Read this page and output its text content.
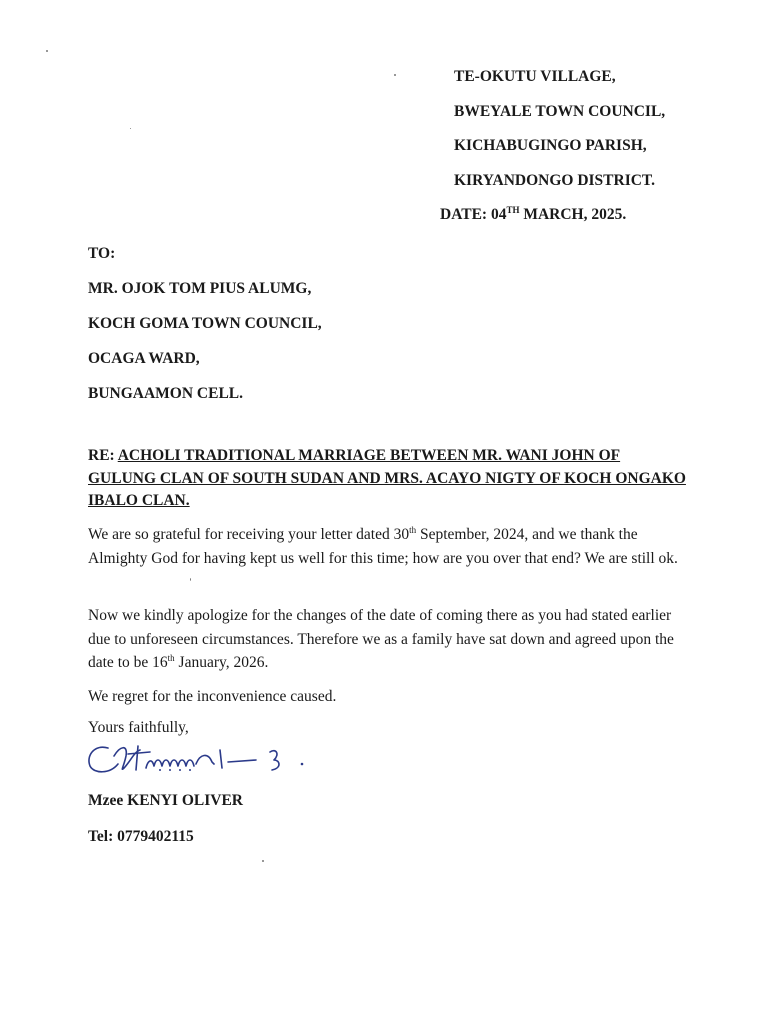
TE-OKUTU VILLAGE,
BWEYALE TOWN COUNCIL,
KICHABUGINGO PARISH,
KIRYANDONGO DISTRICT.
DATE: 04TH MARCH, 2025.
TO:
MR. OJOK TOM PIUS ALUMG,
KOCH GOMA TOWN COUNCIL,
OCAGA WARD,
BUNGAAMON CELL.
RE: ACHOLI TRADITIONAL MARRIAGE BETWEEN MR. WANI JOHN OF GULUNG CLAN OF SOUTH SUDAN AND MRS. ACAYO NIGTY OF KOCH ONGAKO IBALO CLAN.
We are so grateful for receiving your letter dated 30th September, 2024, and we thank the Almighty God for having kept us well for this time; how are you over that end? We are still ok.
Now we kindly apologize for the changes of the date of coming there as you had stated earlier due to unforeseen circumstances. Therefore we as a family have sat down and agreed upon the date to be 16th January, 2026.
We regret for the inconvenience caused.
Yours faithfully,
Mzee KENYI OLIVER
Tel: 0779402115
